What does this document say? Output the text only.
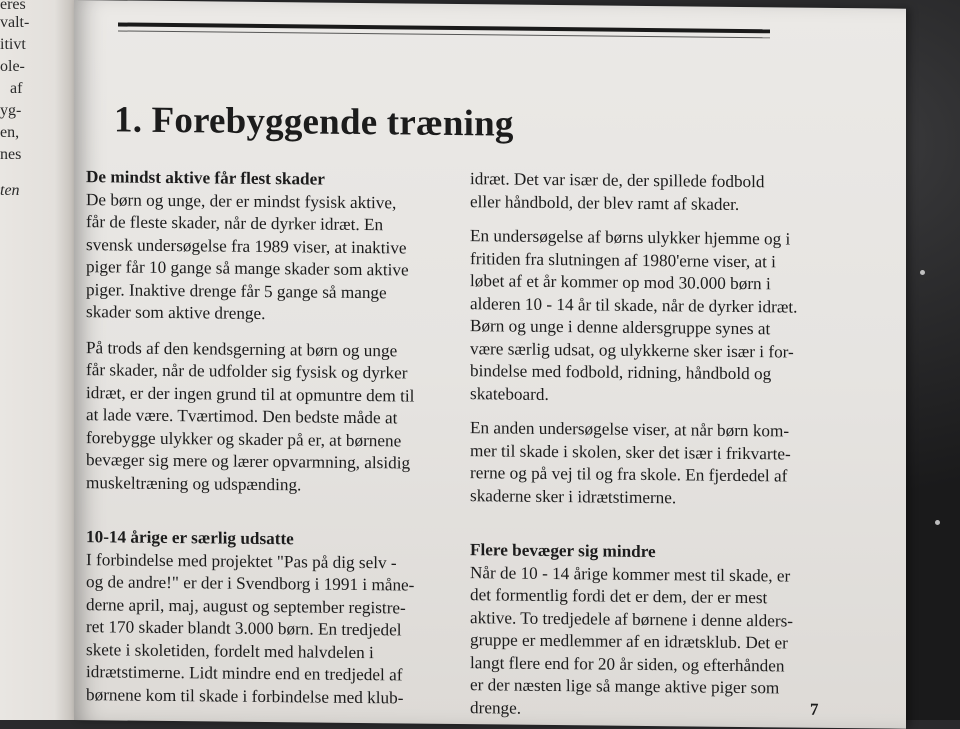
eres
valt-
itivt
ole-
af
yg-
en,
nes
ten
1. Forebyggende træning
De mindst aktive får flest skader

De børn og unge, der er mindst fysisk aktive,
får de fleste skader, når de dyrker idræt. En
svensk undersøgelse fra 1989 viser, at inaktive
piger får 10 gange så mange skader som aktive
piger. Inaktive drenge får 5 gange så mange
skader som aktive drenge.

På trods af den kendsgerning at børn og unge
får skader, når de udfolder sig fysisk og dyrker
idræt, er der ingen grund til at opmuntre dem til
at lade være. Tværtimod. Den bedste måde at
forebygge ulykker og skader på er, at børnene
bevæger sig mere og lærer opvarmning, alsidig
muskeltræning og udspænding.

10-14 årige er særlig udsatte

I forbindelse med projektet "Pas på dig selv -
og de andre!" er der i Svendborg i 1991 i måne-
derne april, maj, august og september registre-
ret 170 skader blandt 3.000 børn. En tredjedel
skete i skoletiden, fordelt med halvdelen i
idrætstimerne. Lidt mindre end en tredjedel af
børnene kom til skade i forbindelse med klub-

idræt. Det var især de, der spillede fodbold
eller håndbold, der blev ramt af skader.

En undersøgelse af børns ulykker hjemme og i
fritiden fra slutningen af 1980'erne viser, at i
løbet af et år kommer op mod 30.000 børn i
alderen 10 - 14 år til skade, når de dyrker idræt.
Børn og unge i denne aldersgruppe synes at
være særlig udsat, og ulykkerne sker især i for-
bindelse med fodbold, ridning, håndbold og
skateboard.

En anden undersøgelse viser, at når børn kom-
mer til skade i skolen, sker det især i frikvarte-
rerne og på vej til og fra skole. En fjerdedel af
skaderne sker i idrætstimerne.

Flere bevæger sig mindre

Når de 10 - 14 årige kommer mest til skade, er
det formentlig fordi det er dem, der er mest
aktive. To tredjedele af børnene i denne alders-
gruppe er medlemmer af en idrætsklub. Det er
langt flere end for 20 år siden, og efterhånden
er der næsten lige så mange aktive piger som
drenge.	7
